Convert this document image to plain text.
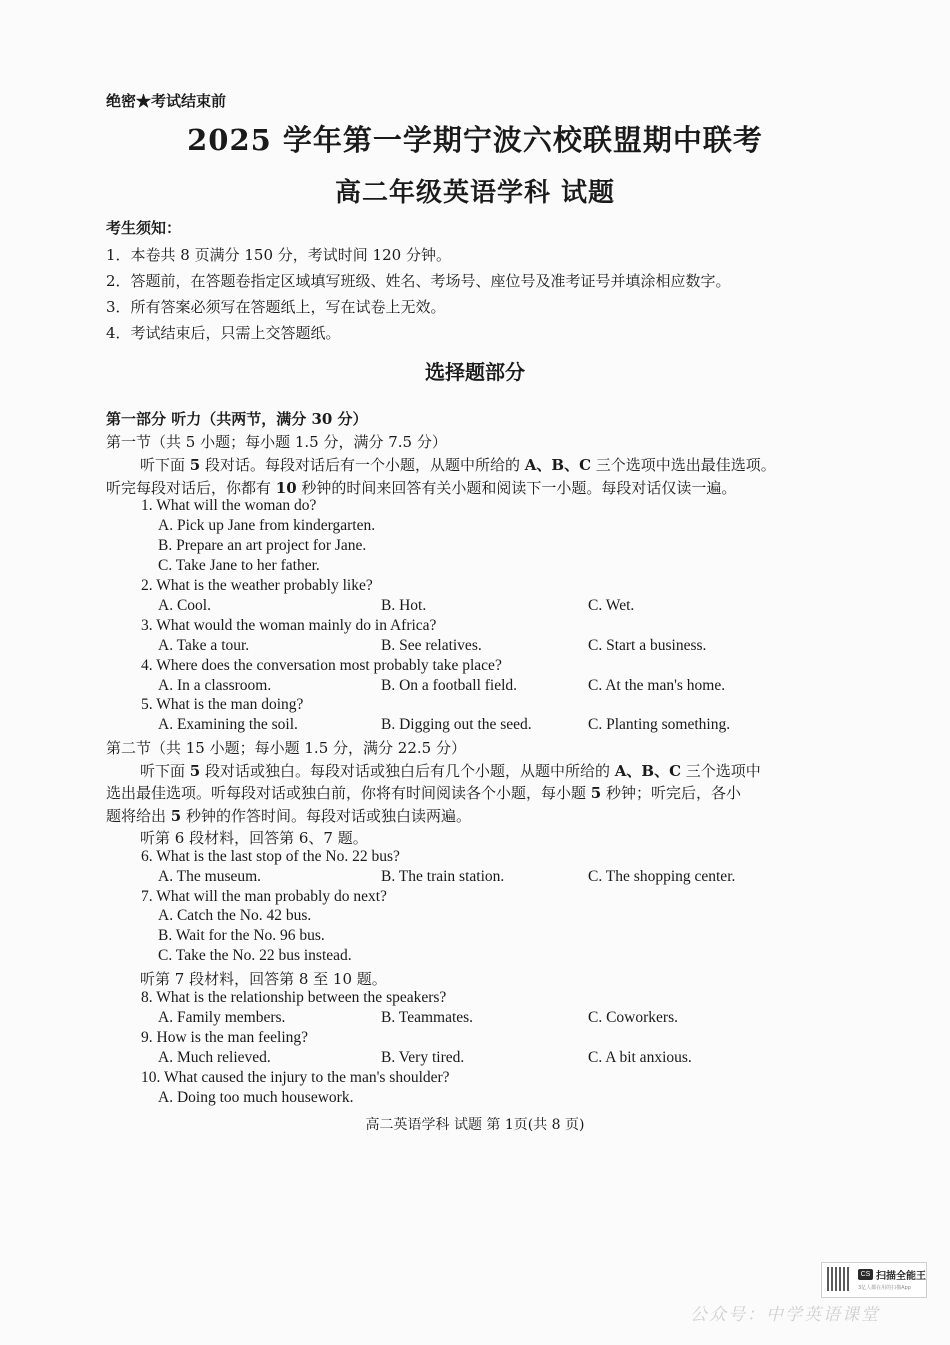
绝密★考试结束前
2025 学年第一学期宁波六校联盟期中联考
高二年级英语学科 试题
考生须知：
1．本卷共 8 页满分 150 分，考试时间 120 分钟。
2．答题前，在答题卷指定区域填写班级、姓名、考场号、座位号及准考证号并填涂相应数字。
3．所有答案必须写在答题纸上，写在试卷上无效。
4．考试结束后，只需上交答题纸。
选择题部分
第一部分 听力（共两节，满分 30 分）
第一节（共 5 小题；每小题 1.5 分，满分 7.5 分）
听下面 5 段对话。每段对话后有一个小题，从题中所给的 A、B、C 三个选项中选出最佳选项。
听完每段对话后，你都有 10 秒钟的时间来回答有关小题和阅读下一小题。每段对话仅读一遍。
1. What will the woman do?
A. Pick up Jane from kindergarten.
B. Prepare an art project for Jane.
C. Take Jane to her father.
2. What is the weather probably like?
A. Cool.	B. Hot.	C. Wet.
3. What would the woman mainly do in Africa?
A. Take a tour.	B. See relatives.	C. Start a business.
4. Where does the conversation most probably take place?
A. In a classroom.	B. On a football field.	C. At the man's home.
5. What is the man doing?
A. Examining the soil.	B. Digging out the seed.	C. Planting something.
第二节（共 15 小题；每小题 1.5 分，满分 22.5 分）
听下面 5 段对话或独白。每段对话或独白后有几个小题，从题中所给的 A、B、C 三个选项中
选出最佳选项。听每段对话或独白前，你将有时间阅读各个小题，每小题 5 秒钟；听完后，各小
题将给出 5 秒钟的作答时间。每段对话或独白读两遍。
听第 6 段材料，回答第 6、7 题。
6. What is the last stop of the No. 22 bus?
A. The museum.	B. The train station.	C. The shopping center.
7. What will the man probably do next?
A. Catch the No. 42 bus.
B. Wait for the No. 96 bus.
C. Take the No. 22 bus instead.
听第 7 段材料，回答第 8 至 10 题。
8. What is the relationship between the speakers?
A. Family members.	B. Teammates.	C. Coworkers.
9. How is the man feeling?
A. Much relieved.	B. Very tired.	C. A bit anxious.
10. What caused the injury to the man's shoulder?
A. Doing too much housework.
高二英语学科 试题 第 1页(共 8 页)
CS 扫描全能王
3亿人都在用的扫描App
公众号：中学英语课堂
